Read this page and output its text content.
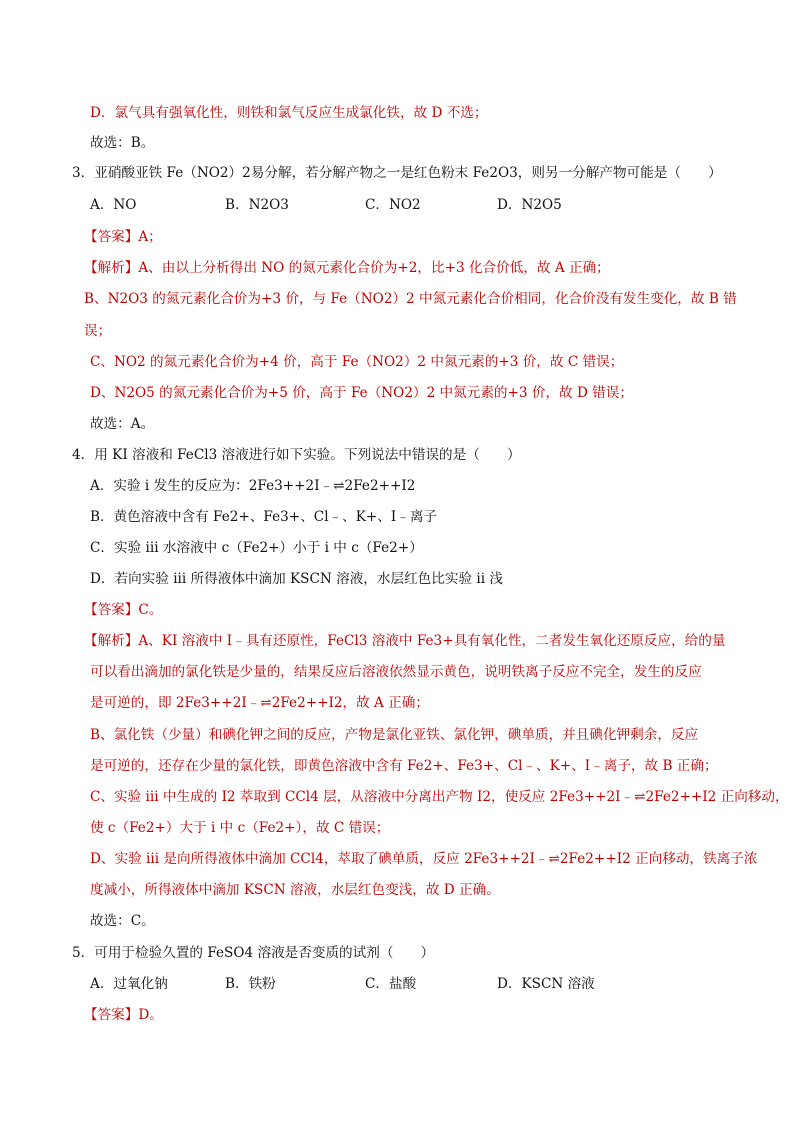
D．氯气具有强氧化性，则铁和氯气反应生成氯化铁，故 D 不选；
故选：B。
3．亚硝酸亚铁 Fe（NO2）2易分解，若分解产物之一是红色粉末 Fe2O3，则另一分解产物可能是（　　）
A．NO	B．N2O3	C．NO2	D．N2O5
【答案】A；
【解析】A、由以上分析得出 NO 的氮元素化合价为+2，比+3 化合价低，故 A 正确；
B、N2O3 的氮元素化合价为+3 价，与 Fe（NO2）2 中氮元素化合价相同，化合价没有发生变化，故 B 错
误；
C、NO2 的氮元素化合价为+4 价，高于 Fe（NO2）2 中氮元素的+3 价，故 C 错误；
D、N2O5 的氮元素化合价为+5 价，高于 Fe（NO2）2 中氮元素的+3 价，故 D 错误；
故选：A。
4．用 KI 溶液和 FeCl3 溶液进行如下实验。下列说法中错误的是（　　）
A．实验 i 发生的反应为：2Fe3++2I﹣⇌2Fe2++I2
B．黄色溶液中含有 Fe2+、Fe3+、Cl﹣、K+、I﹣离子
C．实验 iii 水溶液中 c（Fe2+）小于 i 中 c（Fe2+）
D．若向实验 iii 所得液体中滴加 KSCN 溶液，水层红色比实验 ii 浅
【答案】C。
【解析】A、KI 溶液中 I﹣具有还原性，FeCl3 溶液中 Fe3+具有氧化性，二者发生氧化还原反应，给的量
可以看出滴加的氯化铁是少量的，结果反应后溶液依然显示黄色，说明铁离子反应不完全，发生的反应
是可逆的，即 2Fe3++2I﹣⇌2Fe2++I2，故 A 正确；
B、氯化铁（少量）和碘化钾之间的反应，产物是氯化亚铁、氯化钾，碘单质，并且碘化钾剩余，反应
是可逆的，还存在少量的氯化铁，即黄色溶液中含有 Fe2+、Fe3+、Cl﹣、K+、I﹣离子，故 B 正确；
C、实验 iii 中生成的 I2 萃取到 CCl4 层，从溶液中分离出产物 I2，使反应 2Fe3++2I﹣⇌2Fe2++I2 正向移动，
使 c（Fe2+）大于 i 中 c（Fe2+），故 C 错误；
D、实验 iii 是向所得液体中滴加 CCl4，萃取了碘单质，反应 2Fe3++2I﹣⇌2Fe2++I2 正向移动，铁离子浓
度减小，所得液体中滴加 KSCN 溶液，水层红色变浅，故 D 正确。
故选：C。
5．可用于检验久置的 FeSO4 溶液是否变质的试剂（　　）
A．过氧化钠	B．铁粉	C．盐酸	D．KSCN 溶液
【答案】D。
